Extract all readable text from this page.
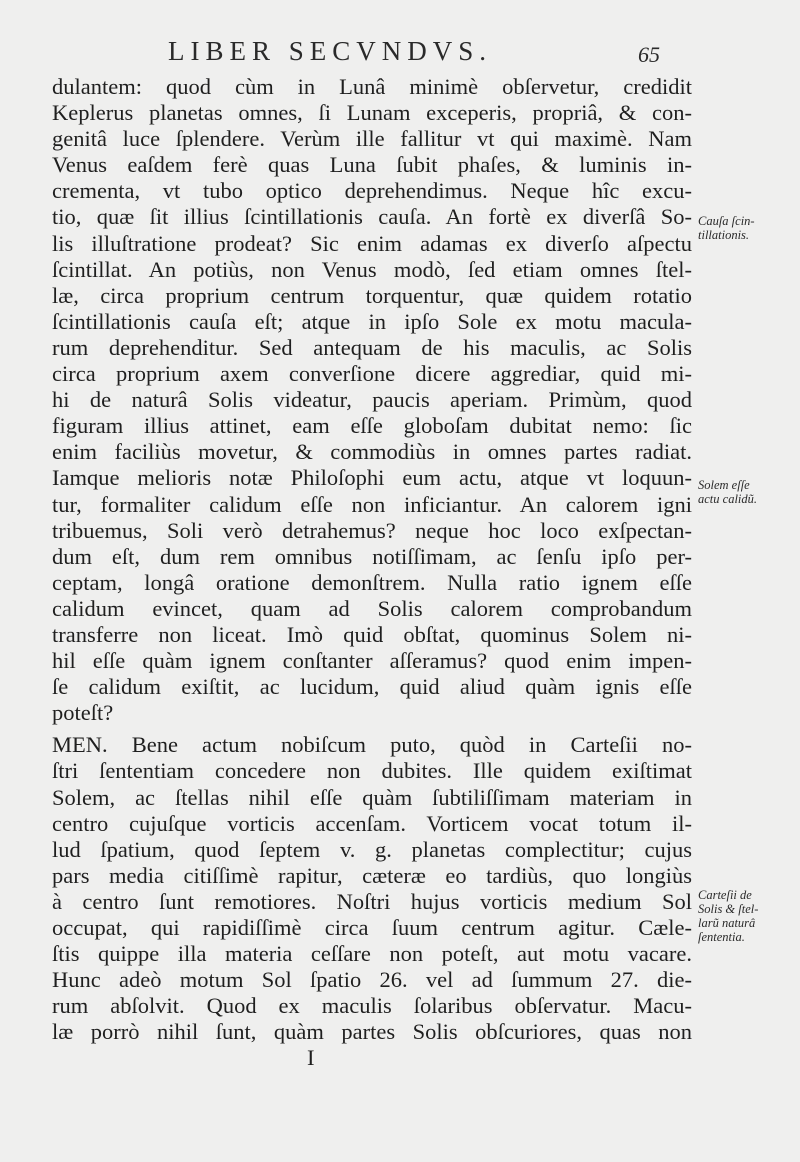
LIBER SECVNDVS.	65
dulantem: quod cùm in Lunâ minimè obſervetur, credidit
Keplerus planetas omnes, ſi Lunam exceperis, propriâ, & con-
genitâ luce ſplendere. Verùm ille fallitur vt qui maximè. Nam
Venus eaſdem ferè quas Luna ſubit phaſes, & luminis in-
crementa, vt tubo optico deprehendimus. Neque hîc excu-
tio, quæ ſit illius ſcintillationis cauſa. An fortè ex diverſâ So-
lis illuſtratione prodeat? Sic enim adamas ex diverſo aſpectu
ſcintillat. An potiùs, non Venus modò, ſed etiam omnes ſtel-
læ, circa proprium centrum torquentur, quæ quidem rotatio
ſcintillationis cauſa eſt; atque in ipſo Sole ex motu macula-
rum deprehenditur. Sed antequam de his maculis, ac Solis
circa proprium axem converſione dicere aggrediar, quid mi-
hi de naturâ Solis videatur, paucis aperiam. Primùm, quod
figuram illius attinet, eam eſſe globoſam dubitat nemo: ſic
enim faciliùs movetur, & commodiùs in omnes partes radiat.
Iamque melioris notæ Philoſophi eum actu, atque vt loquun-
tur, formaliter calidum eſſe non inficiantur. An calorem igni
tribuemus, Soli verò detrahemus? neque hoc loco exſpectan-
dum eſt, dum rem omnibus notiſſimam, ac ſenſu ipſo per-
ceptam, longâ oratione demonſtrem. Nulla ratio ignem eſſe
calidum evincet, quam ad Solis calorem comprobandum
transferre non liceat. Imò quid obſtat, quominus Solem ni-
hil eſſe quàm ignem conſtanter aſſeramus? quod enim impen-
ſe calidum exiſtit, ac lucidum, quid aliud quàm ignis eſſe
poteſt?
MEN. Bene actum nobiſcum puto, quòd in Carteſii no-
ſtri ſententiam concedere non dubites. Ille quidem exiſtimat
Solem, ac ſtellas nihil eſſe quàm ſubtiliſſimam materiam in
centro cujuſque vorticis accenſam. Vorticem vocat totum il-
lud ſpatium, quod ſeptem v. g. planetas complectitur; cujus
pars media citiſſimè rapitur, cæteræ eo tardiùs, quo longiùs
à centro ſunt remotiores. Noſtri hujus vorticis medium Sol
occupat, qui rapidiſſimè circa ſuum centrum agitur. Cæle-
ſtis quippe illa materia ceſſare non poteſt, aut motu vacare.
Hunc adeò motum Sol ſpatio 26. vel ad ſummum 27. die-
rum abſolvit. Quod ex maculis ſolaribus obſervatur. Macu-
læ porrò nihil ſunt, quàm partes Solis obſcuriores, quas non
I
Cauſa ſcin-
tillationis.
Solem eſſe
actu calidũ.
Carteſii de
Solis & ſtel-
larũ naturâ
ſententia.
